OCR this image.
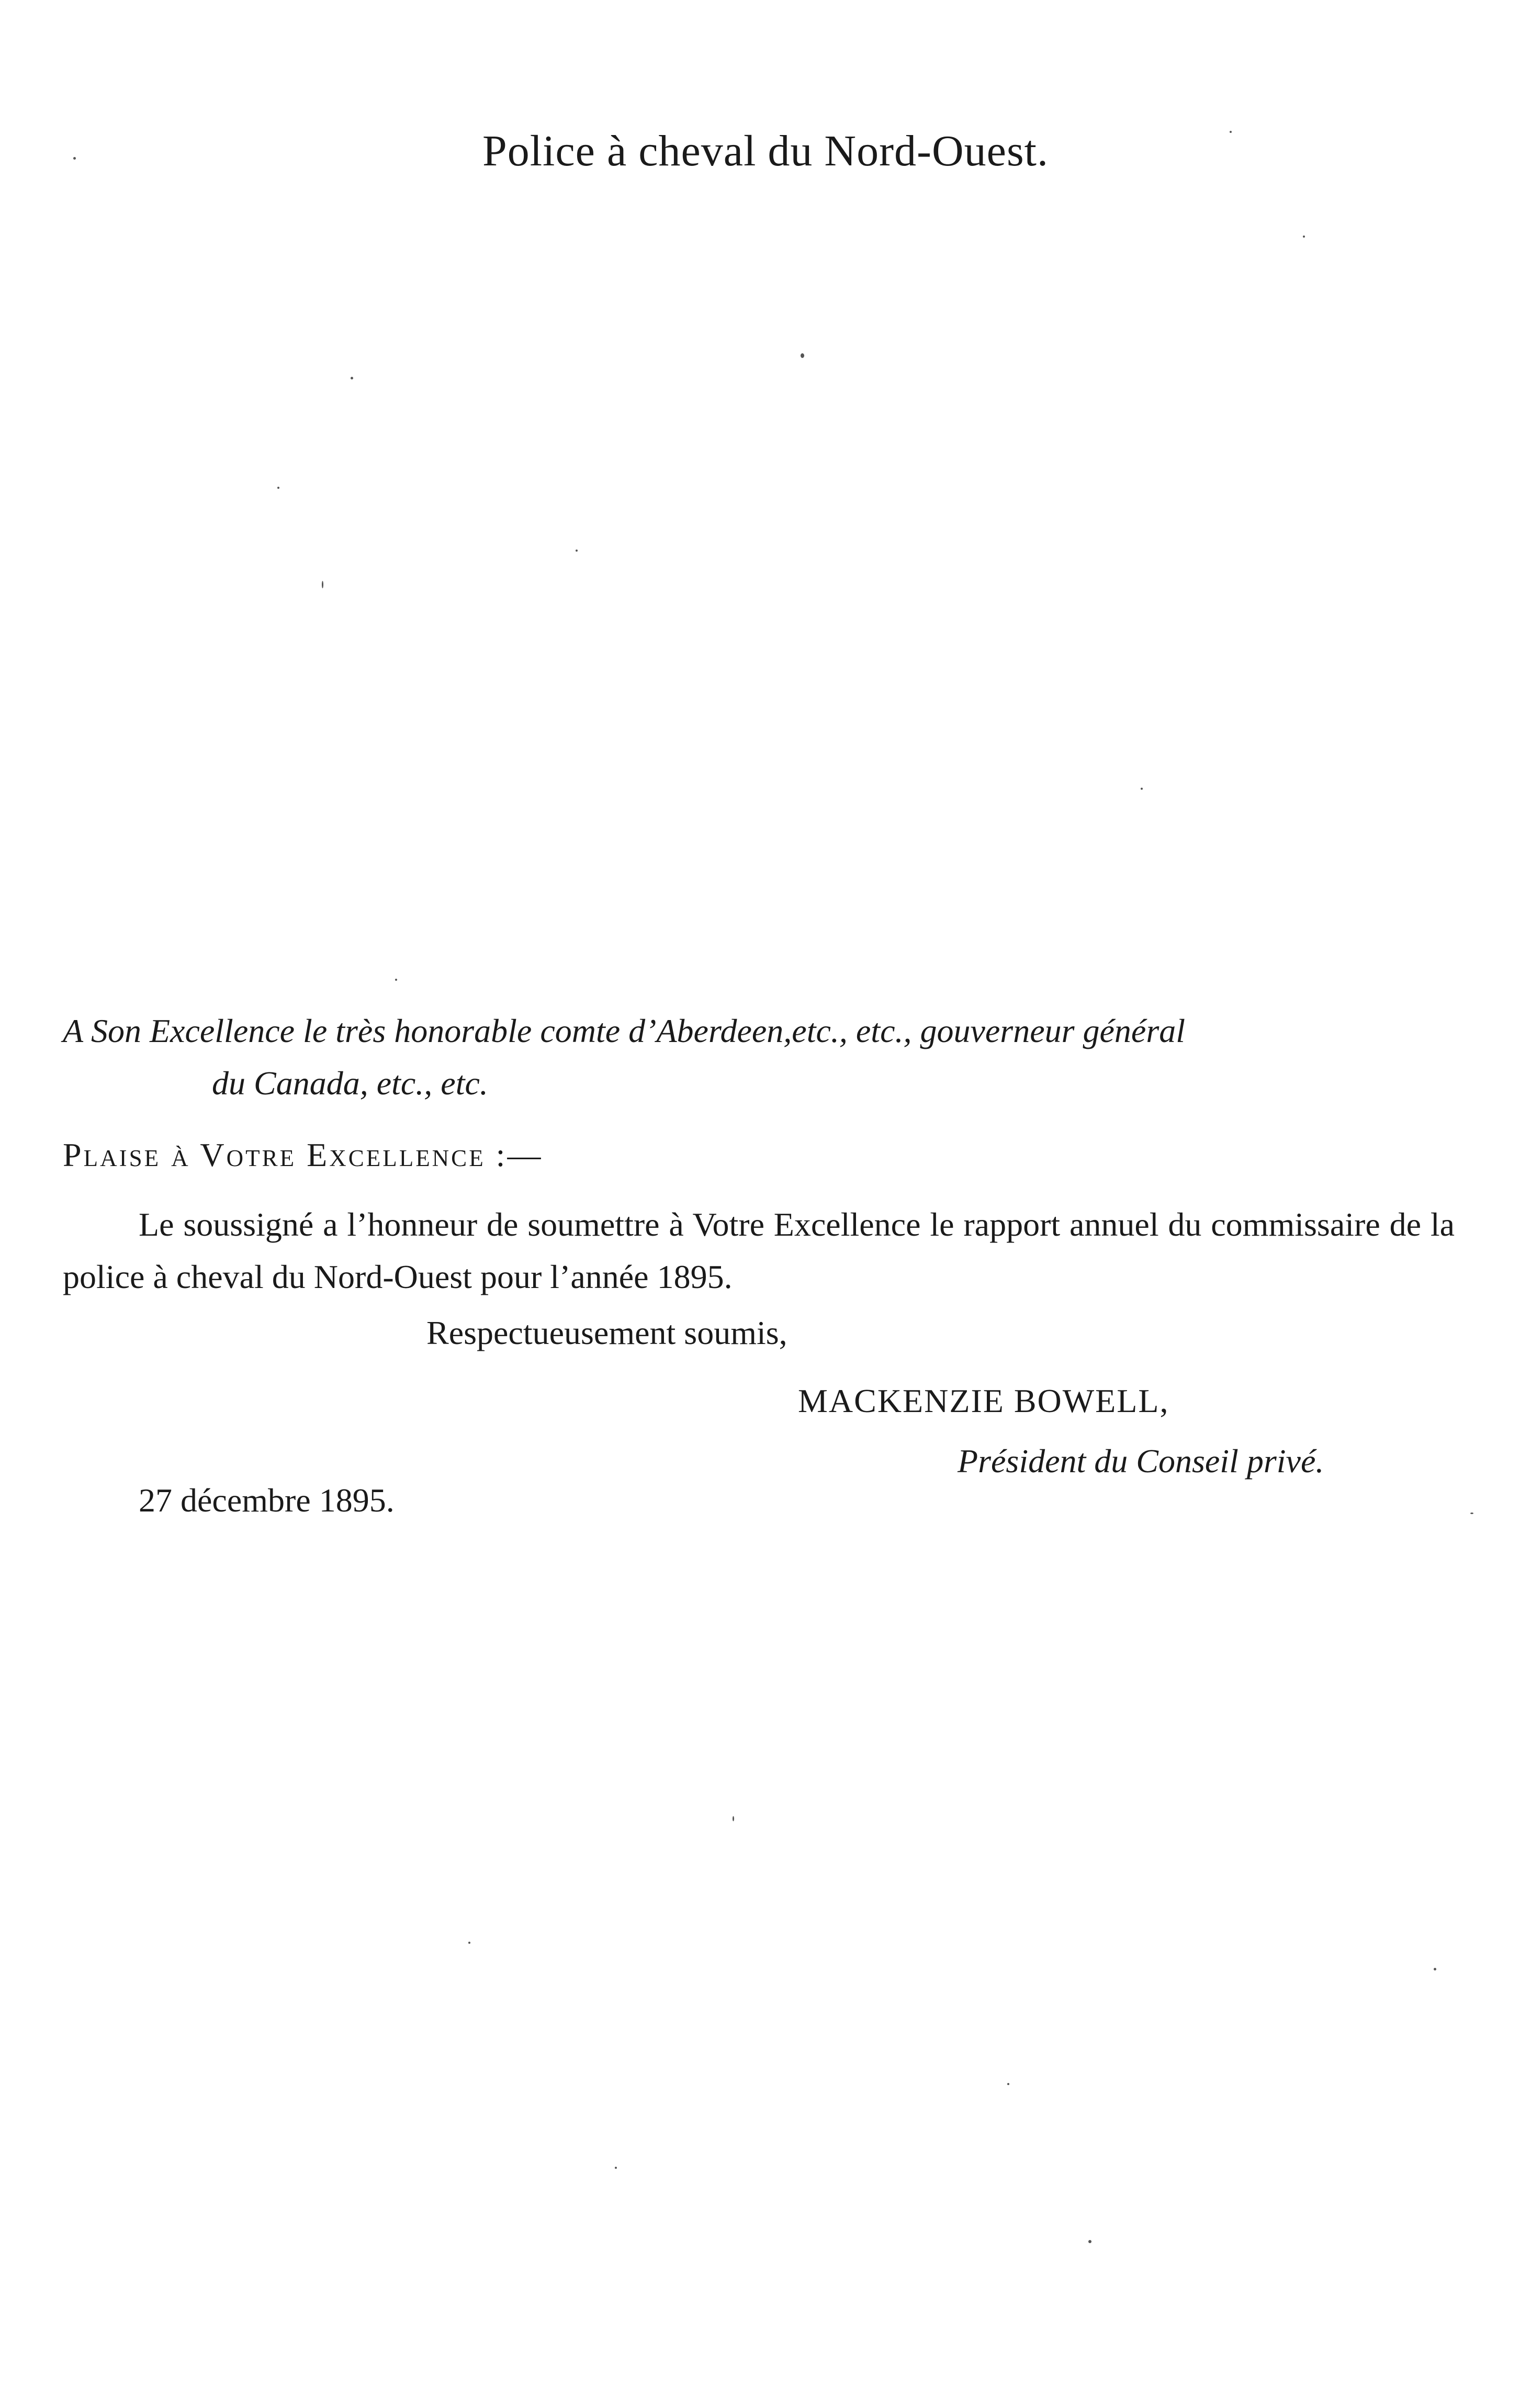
Police à cheval du Nord-Ouest.

A Son Excellence le très honorable comte d’Aberdeen,etc., etc., gouverneur général
du Canada, etc., etc.

Plaise à Votre Excellence :—

Le soussigné a l’honneur de soumettre à Votre Excellence le rapport annuel du commissaire de la police à cheval du Nord-Ouest pour l’année 1895.

Respectueusement soumis,

MACKENZIE BOWELL,

Président du Conseil privé.

27 décembre 1895.
